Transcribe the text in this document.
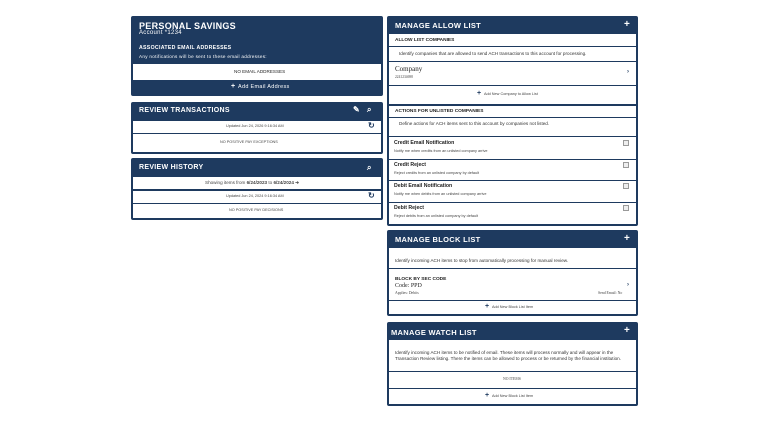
PERSONAL SAVINGS
Account *1234
ASSOCIATED EMAIL ADDRESSES
Any notifications will be sent to these email addresses:
NO EMAIL ADDRESSES
+ Add Email Address
REVIEW TRANSACTIONS	✎ ⌕
Updated Jun 24, 2026 9:16:34 AM	↻
NO POSITIVE PAY EXCEPTIONS
REVIEW HISTORY	⌕
Showing items from 6/24/2023 to 6/24/2024 ➔
Updated Jun 24, 2024 9:16:34 AM	↻
NO POSITIVE PAY DECISIONS
MANAGE ALLOW LIST	+
ALLOW LIST COMPANIES
Identify companies that are allowed to send ACH transactions to this account for processing.
Company
2241234698
›
+ Add New Company to Allow List
ACTIONS FOR UNLISTED COMPANIES
Define actions for ACH items sent to this account by companies not listed.
Credit Email Notification
Notify me when credits from an unlisted company arrive
Credit Reject
Reject credits from an unlisted company by default
Debit Email Notification
Notify me when debits from an unlisted company arrive
Debit Reject
Reject debits from an unlisted company by default
MANAGE BLOCK LIST	+
Identify incoming ACH items to stop from automatically processing for manual review.
BLOCK BY SEC CODE
Code: PPD
Applies: Debits	Send Email: No
›
+ Add New Block List Item
MANAGE WATCH LIST	+
Identify incoming ACH items to be notified of email. These items will process normally and will appear in the
Transaction Review listing. There the items can be allowed to process or be returned by the financial institution.
NO ITEMS
+ Add New Block List Item
